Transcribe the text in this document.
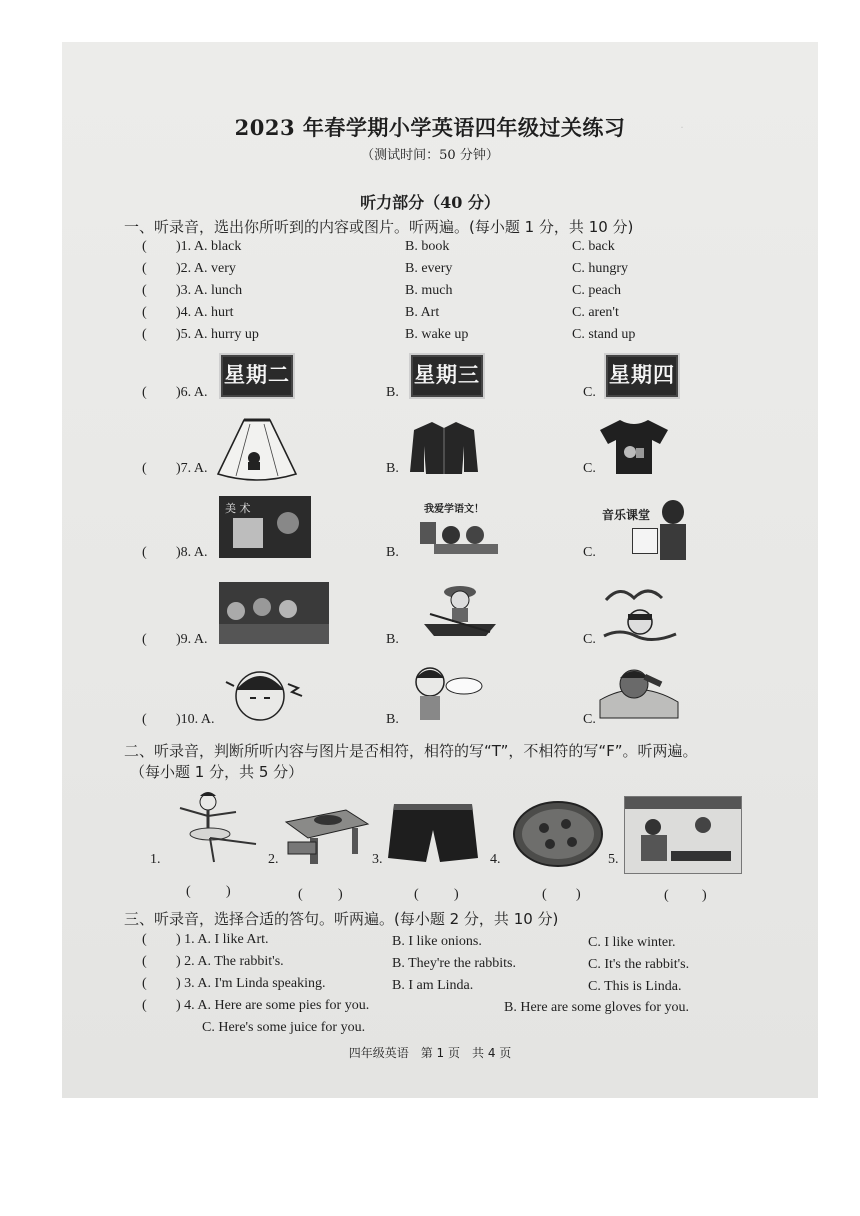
·
2023 年春学期小学英语四年级过关练习
（测试时间：50 分钟）
听力部分（40 分）
一、听录音，选出你所听到的内容或图片。听两遍。(每小题 1 分，共 10 分)
( )1. A. black	B. book	C. back
( )2. A. very	B. every	C. hungry
( )3. A. lunch	B. much	C. peach
( )4. A. hurt	B. Art	C. aren't
( )5. A. hurry up	B. wake up	C. stand up
( )6. A.
星期二
B.
星期三
C.
星期四
( )7. A.	B.	C.
( )8. A.
美 术
B.
我爱学语文！
C.
音乐课堂
( )9. A.	B.	C.
( )10. A.	B.	C.
二、听录音，判断所听内容与图片是否相符，相符的写“T”，不相符的写“F”。听两遍。
（每小题 1 分，共 5 分）
1.	2.	3.	4.	5.
(	)	(	)	(	)	( )	( )
三、听录音，选择合适的答句。听两遍。(每小题 2 分，共 10 分)
( ) 1. A. I like Art.	B. I like onions.	C. I like winter.
( ) 2. A. The rabbit's.	B. They're the rabbits.	C. It's the rabbit's.
( ) 3. A. I'm Linda speaking.	B. I am Linda.	C. This is Linda.
( ) 4. A. Here are some pies for you.	B. Here are some gloves for you.
C. Here's some juice for you.
四年级英语　第 1 页　共 4 页
